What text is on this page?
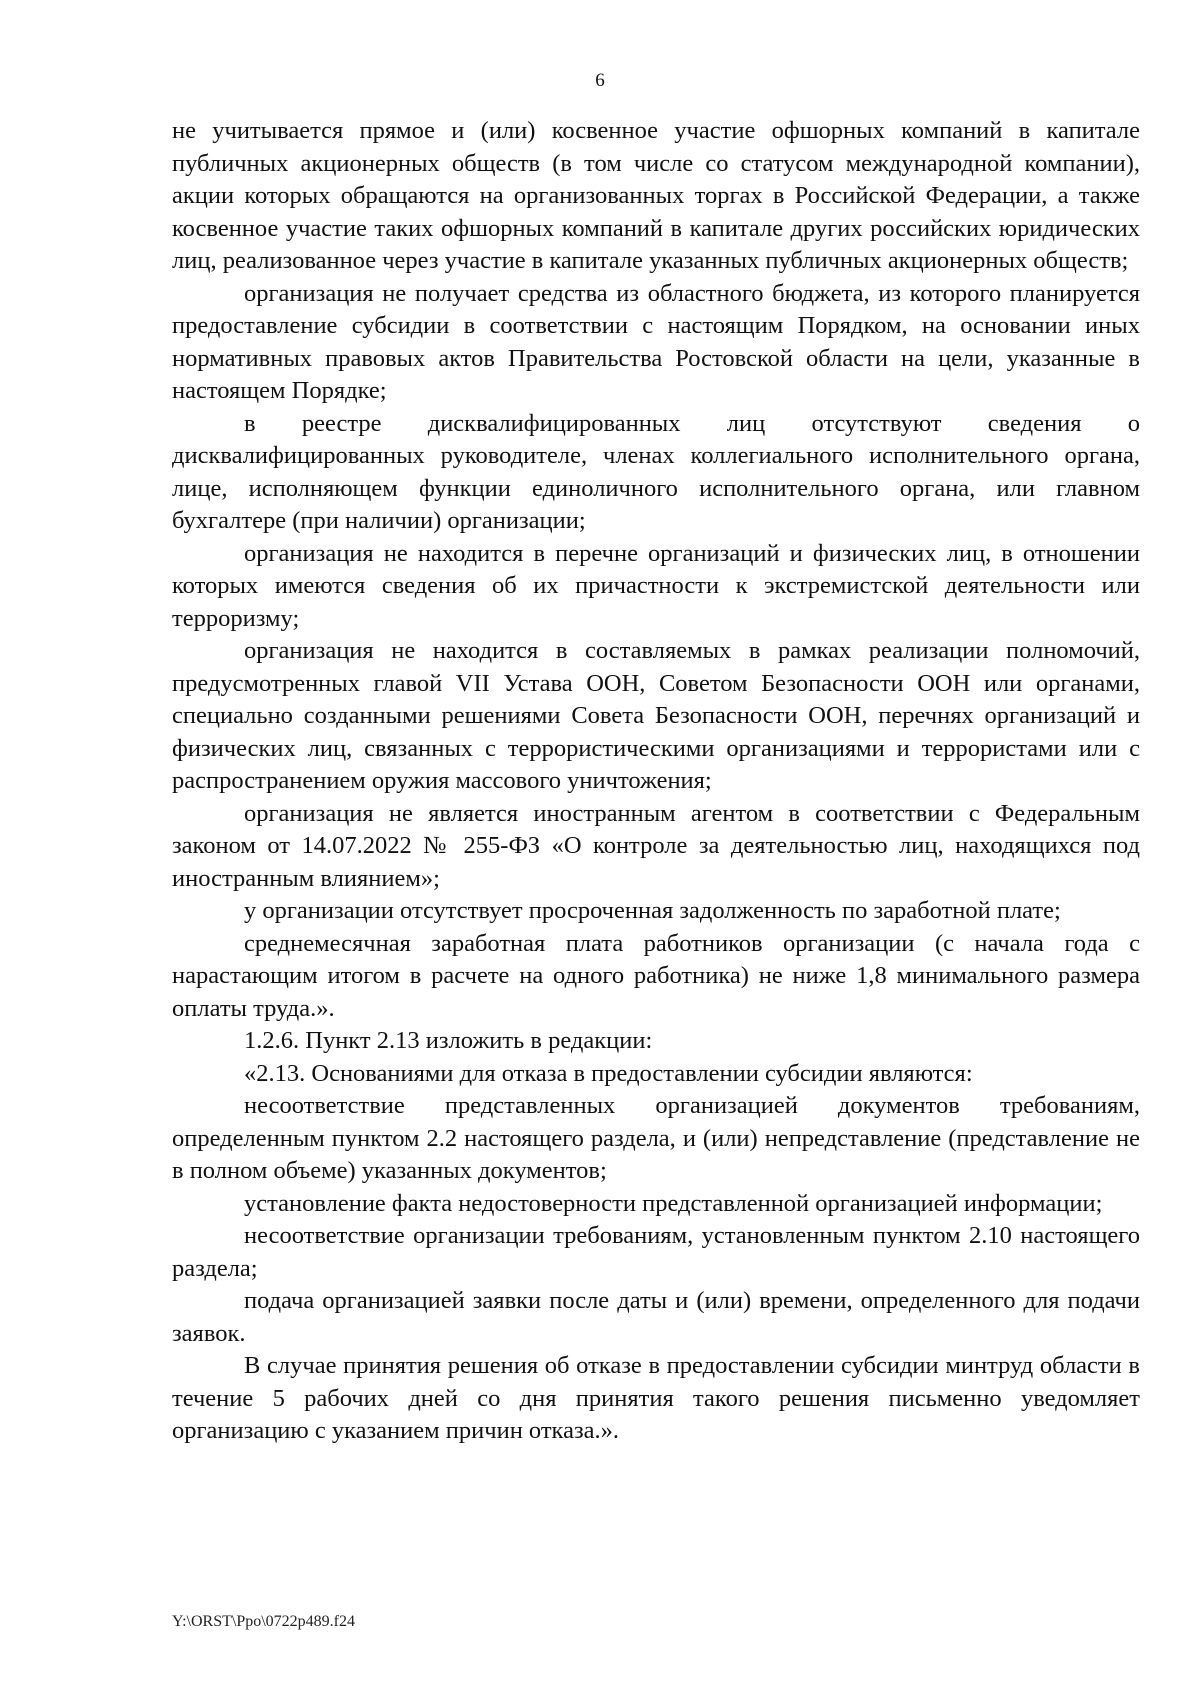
6

не учитывается прямое и (или) косвенное участие офшорных компаний в капитале публичных акционерных обществ (в том числе со статусом международной компании), акции которых обращаются на организованных торгах в Российской Федерации, а также косвенное участие таких офшорных компаний в капитале других российских юридических лиц, реализованное через участие в капитале указанных публичных акционерных обществ;

организация не получает средства из областного бюджета, из которого планируется предоставление субсидии в соответствии с настоящим Порядком, на основании иных нормативных правовых актов Правительства Ростовской области на цели, указанные в настоящем Порядке;

в реестре дисквалифицированных лиц отсутствуют сведения о дисквалифицированных руководителе, членах коллегиального исполнительного органа, лице, исполняющем функции единоличного исполнительного органа, или главном бухгалтере (при наличии) организации;

организация не находится в перечне организаций и физических лиц, в отношении которых имеются сведения об их причастности к экстремистской деятельности или терроризму;

организация не находится в составляемых в рамках реализации полномочий, предусмотренных главой VII Устава ООН, Советом Безопасности ООН или органами, специально созданными решениями Совета Безопасности ООН, перечнях организаций и физических лиц, связанных с террористическими организациями и террористами или с распространением оружия массового уничтожения;

организация не является иностранным агентом в соответствии с Федеральным законом от 14.07.2022 № 255-ФЗ «О контроле за деятельностью лиц, находящихся под иностранным влиянием»;

у организации отсутствует просроченная задолженность по заработной плате;

среднемесячная заработная плата работников организации (с начала года с нарастающим итогом в расчете на одного работника) не ниже 1,8 минимального размера оплаты труда.».

1.2.6. Пункт 2.13 изложить в редакции:

«2.13. Основаниями для отказа в предоставлении субсидии являются:

несоответствие представленных организацией документов требованиям, определенным пунктом 2.2 настоящего раздела, и (или) непредставление (представление не в полном объеме) указанных документов;

установление факта недостоверности представленной организацией информации;

несоответствие организации требованиям, установленным пунктом 2.10 настоящего раздела;

подача организацией заявки после даты и (или) времени, определенного для подачи заявок.

В случае принятия решения об отказе в предоставлении субсидии минтруд области в течение 5 рабочих дней со дня принятия такого решения письменно уведомляет организацию с указанием причин отказа.».

Y:\ORST\Ppo\0722p489.f24
